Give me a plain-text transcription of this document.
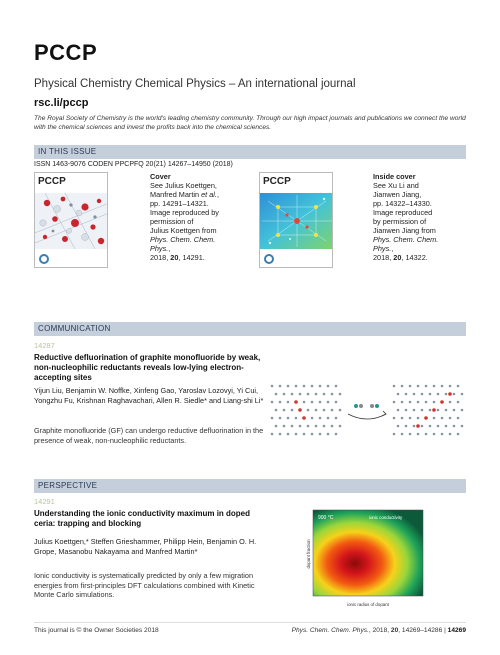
PCCP
Physical Chemistry Chemical Physics – An international journal
rsc.li/pccp
The Royal Society of Chemistry is the world's leading chemistry community. Through our high impact journals and publications we connect the world with the chemical sciences and invest the profits back into the chemical sciences.
IN THIS ISSUE
ISSN 1463-9076 CODEN PPCPFQ 20(21) 14267–14950 (2018)
PCCP	Cover
See Julius Koettgen,
Manfred Martin et al.,
pp. 14291–14321.
Image reproduced by
permission of
Julius Koettgen from
Phys. Chem. Chem. Phys.,
2018, 20, 14291.
PCCP	Inside cover
See Xu Li and
Jianwen Jiang,
pp. 14322–14330.
Image reproduced
by permission of
Jianwen Jiang from
Phys. Chem. Chem. Phys.,
2018, 20, 14322.
COMMUNICATION
14287
Reductive defluorination of graphite monofluoride by weak, non-nucleophilic reductants reveals low-lying electron-accepting sites
Yijun Liu, Benjamin W. Noffke, Xinfeng Gao, Yaroslav Lozovyi, Yi Cui, Yongzhu Fu, Krishnan Raghavachari, Allen R. Siedle* and Liang-shi Li*
Graphite monofluoride (GF) can undergo reductive defluorination in the presence of weak, non-nucleophilic reductants.
PERSPECTIVE
14291
Understanding the ionic conductivity maximum in doped ceria: trapping and blocking
Julius Koettgen,* Steffen Grieshammer, Philipp Hein, Benjamin O. H. Grope, Masanobu Nakayama and Manfred Martin*
Ionic conductivity is systematically predicted by only a few migration energies from first-principles DFT calculations combined with Kinetic Monte Carlo simulations.
900 °C	ionic conductivity
ionic radius of dopant
dopant fraction
This journal is © the Owner Societies 2018	Phys. Chem. Chem. Phys., 2018, 20, 14269–14286 | 14269
